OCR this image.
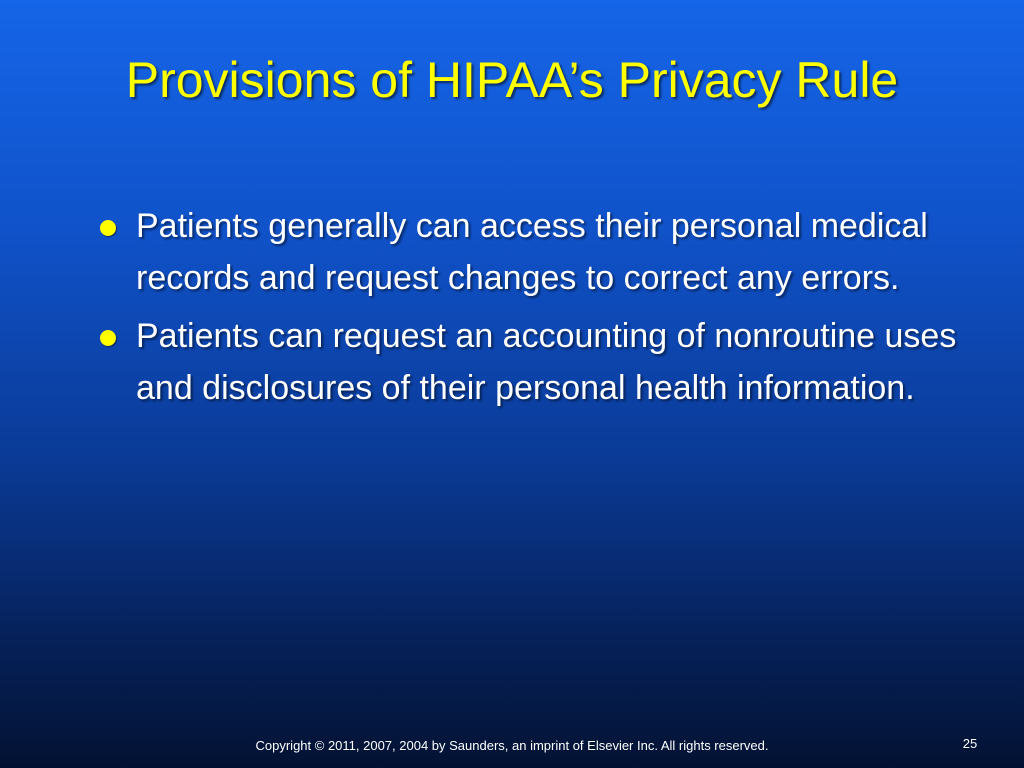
Provisions of HIPAA’s Privacy Rule
Patients generally can access their personal medical records and request changes to correct any errors.
Patients can request an accounting of nonroutine uses and disclosures of their personal health information.
Copyright © 2011, 2007, 2004 by Saunders, an imprint of Elsevier Inc. All rights reserved.	25
